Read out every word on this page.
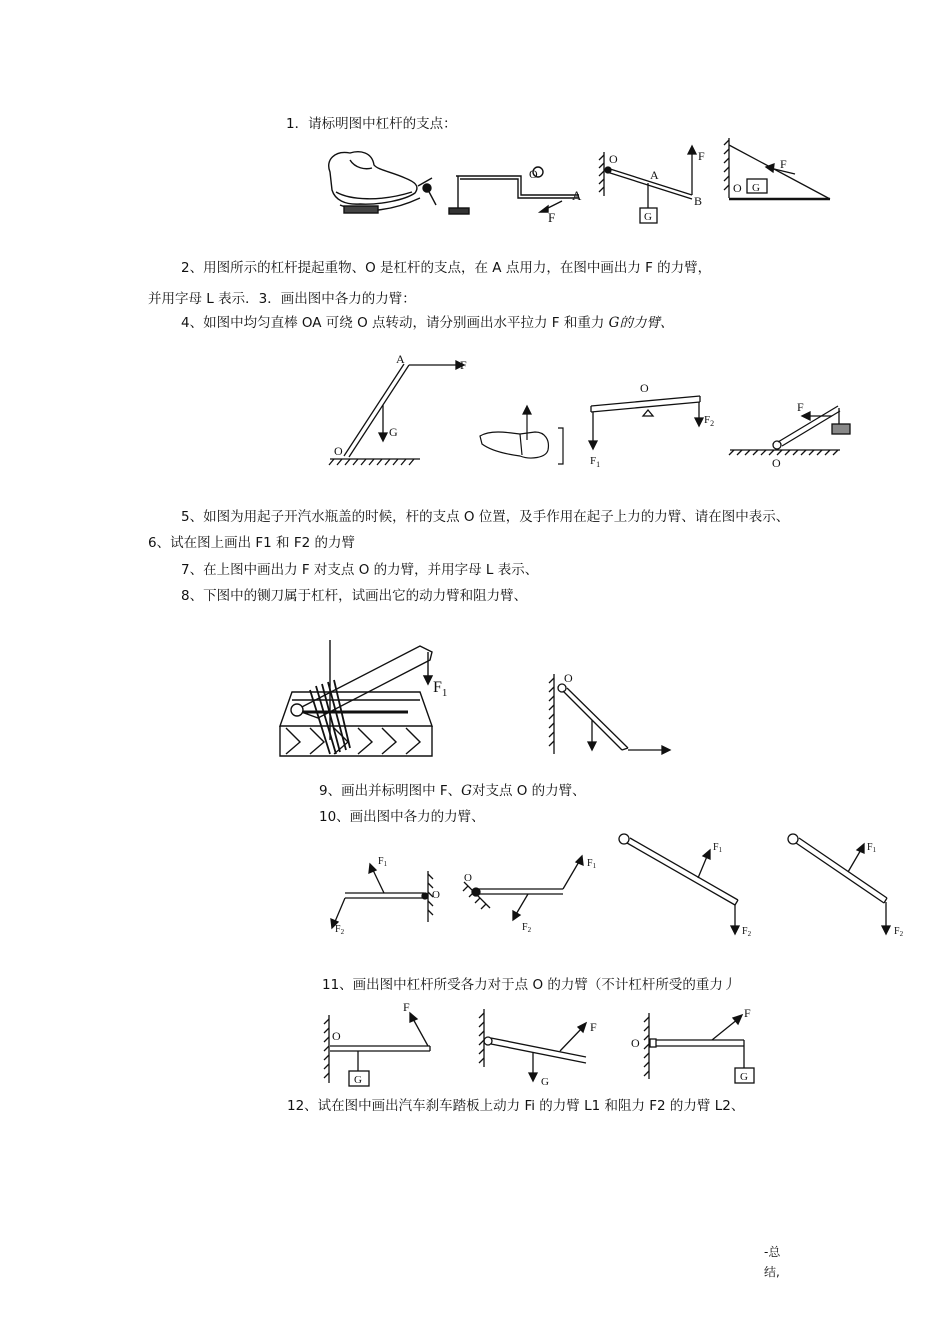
1．请标明图中杠杆的支点：
2、用图所示的杠杆提起重物、O 是杠杆的支点，在 A 点用力，在图中画出力 F 的力臂，
并用字母 L 表示．3．画出图中各力的力臂：
4、如图中均匀直棒 OA 可绕 O 点转动，请分别画出水平拉力 F 和重力 G的力臂、
5、如图为用起子开汽水瓶盖的时候，杆的支点 O 位置，及手作用在起子上力的力臂、请在图中表示、
6、试在图上画出 F1 和 F2 的力臂
7、在上图中画出力 F 对支点 O 的力臂，并用字母 L 表示、
8、下图中的铡刀属于杠杆，试画出它的动力臂和阻力臂、
9、画出并标明图中 F、G对支点 O 的力臂、
10、画出图中各力的力臂、
11、画出图中杠杆所受各力对于点 O 的力臂（不计杠杆所受的重力丿
12、试在图中画出汽车刹车踏板上动力 Fi 的力臂 L1 和阻力 F2 的力臂 L2、
A
F
O
O
A
B
F
G
O G
F
A	F
G
O
O
$F_1$
$F_2$
F
O
$F_1$
O
$F_1$
$F_2$
O
O
$F_1$
$F_2$
$F_1$
$F_2$
$F_1$
$F_2$
O
F
G
F
G
O
F
G
-总
结,
